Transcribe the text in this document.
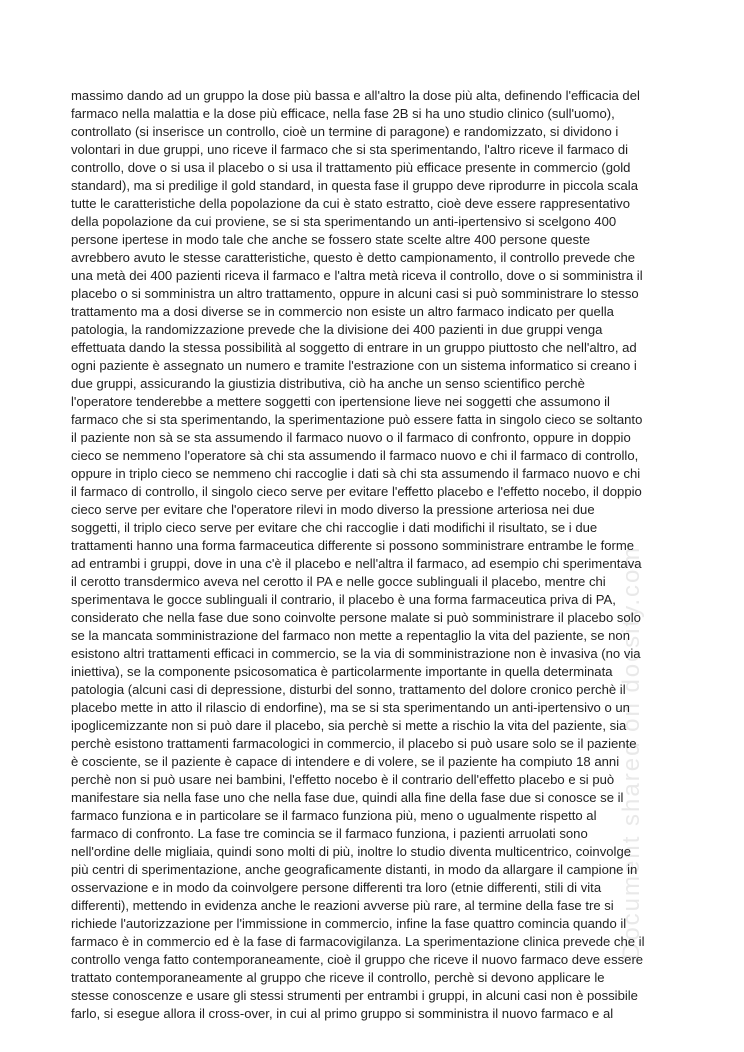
Document shared on docsity.com
massimo dando ad un gruppo la dose più bassa e all'altro la dose più alta, definendo l'efficacia del
farmaco nella malattia e la dose più efficace, nella fase 2B si ha uno studio clinico (sull'uomo),
controllato (si inserisce un controllo, cioè un termine di paragone) e randomizzato, si dividono i
volontari in due gruppi, uno riceve il farmaco che si sta sperimentando, l'altro riceve il farmaco di
controllo, dove o si usa il placebo o si usa il trattamento più efficace presente in commercio (gold
standard), ma si predilige il gold standard, in questa fase il gruppo deve riprodurre in piccola scala
tutte le caratteristiche della popolazione da cui è stato estratto, cioè deve essere rappresentativo
della popolazione da cui proviene, se si sta sperimentando un anti-ipertensivo si scelgono 400
persone ipertese in modo tale che anche se fossero state scelte altre 400 persone queste
avrebbero avuto le stesse caratteristiche, questo è detto campionamento, il controllo prevede che
una metà dei 400 pazienti riceva il farmaco e l'altra metà riceva il controllo, dove o si somministra il
placebo o si somministra un altro trattamento, oppure in alcuni casi si può somministrare lo stesso
trattamento ma a dosi diverse se in commercio non esiste un altro farmaco indicato per quella
patologia, la randomizzazione prevede che la divisione dei 400 pazienti in due gruppi venga
effettuata dando la stessa possibilità al soggetto di entrare in un gruppo piuttosto che nell'altro, ad
ogni paziente è assegnato un numero e tramite l'estrazione con un sistema informatico si creano i
due gruppi, assicurando la giustizia distributiva, ciò ha anche un senso scientifico perchè
l'operatore tenderebbe a mettere soggetti con ipertensione lieve nei soggetti che assumono il
farmaco che si sta sperimentando, la sperimentazione può essere fatta in singolo cieco se soltanto
il paziente non sà se sta assumendo il farmaco nuovo o il farmaco di confronto, oppure in doppio
cieco se nemmeno l'operatore sà chi sta assumendo il farmaco nuovo e chi il farmaco di controllo,
oppure in triplo cieco se nemmeno chi raccoglie i dati sà chi sta assumendo il farmaco nuovo e chi
il farmaco di controllo, il singolo cieco serve per evitare l'effetto placebo e l'effetto nocebo, il doppio
cieco serve per evitare che l'operatore rilevi in modo diverso la pressione arteriosa nei due
soggetti, il triplo cieco serve per evitare che chi raccoglie i dati modifichi il risultato, se i due
trattamenti hanno una forma farmaceutica differente si possono somministrare entrambe le forme
ad entrambi i gruppi, dove in una c'è il placebo e nell'altra il farmaco, ad esempio chi sperimentava
il cerotto transdermico aveva nel cerotto il PA e nelle gocce sublinguali il placebo, mentre chi
sperimentava le gocce sublinguali il contrario, il placebo è una forma farmaceutica priva di PA,
considerato che nella fase due sono coinvolte persone malate si può somministrare il placebo solo
se la mancata somministrazione del farmaco non mette a repentaglio la vita del paziente, se non
esistono altri trattamenti efficaci in commercio, se la via di somministrazione non è invasiva (no via
iniettiva), se la componente psicosomatica è particolarmente importante in quella determinata
patologia (alcuni casi di depressione, disturbi del sonno, trattamento del dolore cronico perchè il
placebo mette in atto il rilascio di endorfine), ma se si sta sperimentando un anti-ipertensivo o un
ipoglicemizzante non si può dare il placebo, sia perchè si mette a rischio la vita del paziente, sia
perchè esistono trattamenti farmacologici in commercio, il placebo si può usare solo se il paziente
è cosciente, se il paziente è capace di intendere e di volere, se il paziente ha compiuto 18 anni
perchè non si può usare nei bambini, l'effetto nocebo è il contrario dell'effetto placebo e si può
manifestare sia nella fase uno che nella fase due, quindi alla fine della fase due si conosce se il
farmaco funziona e in particolare se il farmaco funziona più, meno o ugualmente rispetto al
farmaco di confronto. La fase tre comincia se il farmaco funziona, i pazienti arruolati sono
nell'ordine delle migliaia, quindi sono molti di più, inoltre lo studio diventa multicentrico, coinvolge
più centri di sperimentazione, anche geograficamente distanti, in modo da allargare il campione in
osservazione e in modo da coinvolgere persone differenti tra loro (etnie differenti, stili di vita
differenti), mettendo in evidenza anche le reazioni avverse più rare, al termine della fase tre si
richiede l'autorizzazione per l'immissione in commercio, infine la fase quattro comincia quando il
farmaco è in commercio ed è la fase di farmacovigilanza. La sperimentazione clinica prevede che il
controllo venga fatto contemporaneamente, cioè il gruppo che riceve il nuovo farmaco deve essere
trattato contemporaneamente al gruppo che riceve il controllo, perchè si devono applicare le
stesse conoscenze e usare gli stessi strumenti per entrambi i gruppi, in alcuni casi non è possibile
farlo, si esegue allora il cross-over, in cui al primo gruppo si somministra il nuovo farmaco e al
